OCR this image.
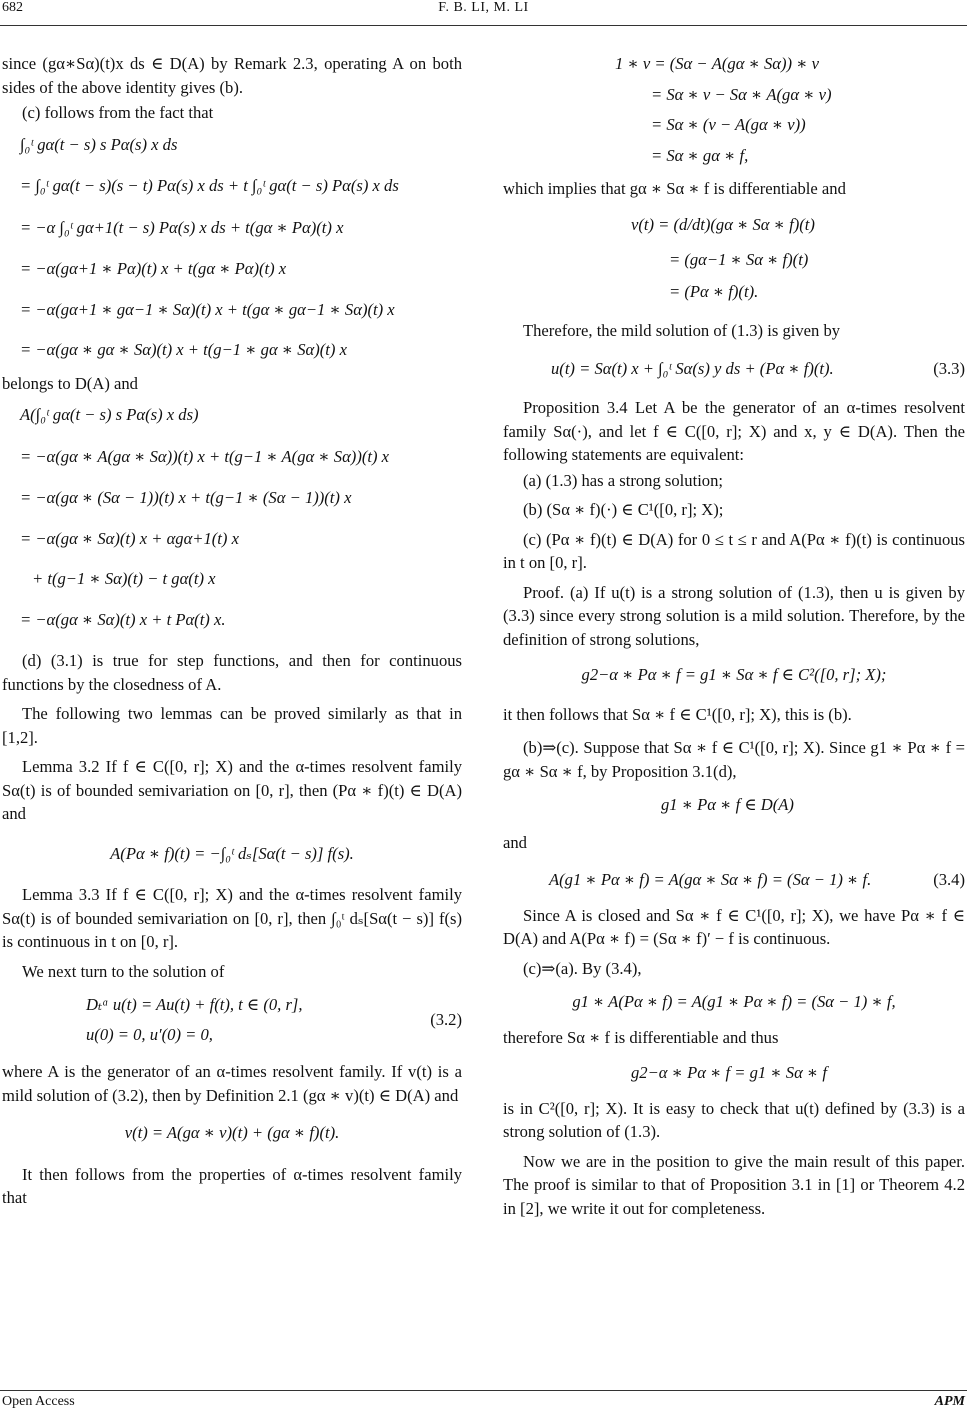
682	F. B. LI, M. LI

since (gα∗Sα)(t)x ds ∈ D(A) by Remark 2.3, operating A on both sides of the above identity gives (b).

(c) follows from the fact that

∫₀ᵗ gα(t − s) s Pα(s) x ds
= ∫₀ᵗ gα(t − s)(s − t) Pα(s) x ds + t ∫₀ᵗ gα(t − s) Pα(s) x ds
= −α ∫₀ᵗ gα+1(t − s) Pα(s) x ds + t(gα ∗ Pα)(t) x
= −α(gα+1 ∗ Pα)(t) x + t(gα ∗ Pα)(t) x
= −α(gα+1 ∗ gα−1 ∗ Sα)(t) x + t(gα ∗ gα−1 ∗ Sα)(t) x
= −α(gα ∗ gα ∗ Sα)(t) x + t(g−1 ∗ gα ∗ Sα)(t) x

belongs to D(A) and

A(∫₀ᵗ gα(t − s) s Pα(s) x ds)
= −α(gα ∗ A(gα ∗ Sα))(t) x + t(g−1 ∗ A(gα ∗ Sα))(t) x
= −α(gα ∗ (Sα − 1))(t) x + t(g−1 ∗ (Sα − 1))(t) x
= −α(gα ∗ Sα)(t) x + αgα+1(t) x
+ t(g−1 ∗ Sα)(t) − t gα(t) x
= −α(gα ∗ Sα)(t) x + t Pα(t) x.

(d) (3.1) is true for step functions, and then for continuous functions by the closedness of A.

The following two lemmas can be proved similarly as that in [1,2].

Lemma 3.2 If f ∈ C([0, r]; X) and the α-times resolvent family Sα(t) is of bounded semivariation on [0, r], then (Pα ∗ f)(t) ∈ D(A) and

A(Pα ∗ f)(t) = −∫₀ᵗ dₛ[Sα(t − s)] f(s).

Lemma 3.3 If f ∈ C([0, r]; X) and the α-times resolvent family Sα(t) is of bounded semivariation on [0, r], then ∫₀ᵗ dₛ[Sα(t − s)] f(s) is continuous in t on [0, r].

We next turn to the solution of

Dₜᵅ u(t) = Au(t) + f(t), t ∈ (0, r],
u(0) = 0, u′(0) = 0,
(3.2)

where A is the generator of an α-times resolvent family. If v(t) is a mild solution of (3.2), then by Definition 2.1 (gα ∗ v)(t) ∈ D(A) and

v(t) = A(gα ∗ v)(t) + (gα ∗ f)(t).

It then follows from the properties of α-times resolvent family that

1 ∗ v = (Sα − A(gα ∗ Sα)) ∗ v
= Sα ∗ v − Sα ∗ A(gα ∗ v)
= Sα ∗ (v − A(gα ∗ v))
= Sα ∗ gα ∗ f,

which implies that gα ∗ Sα ∗ f is differentiable and

v(t) = (d/dt)(gα ∗ Sα ∗ f)(t)
= (gα−1 ∗ Sα ∗ f)(t)
= (Pα ∗ f)(t).

Therefore, the mild solution of (1.3) is given by

u(t) = Sα(t) x + ∫₀ᵗ Sα(s) y ds + (Pα ∗ f)(t).	(3.3)

Proposition 3.4 Let A be the generator of an α-times resolvent family Sα(·), and let f ∈ C([0, r]; X) and x, y ∈ D(A). Then the following statements are equivalent:

(a) (1.3) has a strong solution;

(b) (Sα ∗ f)(·) ∈ C¹([0, r]; X);

(c) (Pα ∗ f)(t) ∈ D(A) for 0 ≤ t ≤ r and A(Pα ∗ f)(t) is continuous in t on [0, r].

Proof. (a) If u(t) is a strong solution of (1.3), then u is given by (3.3) since every strong solution is a mild solution. Therefore, by the definition of strong solutions,

g2−α ∗ Pα ∗ f = g1 ∗ Sα ∗ f ∈ C²([0, r]; X);

it then follows that Sα ∗ f ∈ C¹([0, r]; X), this is (b).

(b)⇒(c). Suppose that Sα ∗ f ∈ C¹([0, r]; X). Since g1 ∗ Pα ∗ f = gα ∗ Sα ∗ f, by Proposition 3.1(d),

g1 ∗ Pα ∗ f ∈ D(A)

and

A(g1 ∗ Pα ∗ f) = A(gα ∗ Sα ∗ f) = (Sα − 1) ∗ f.	(3.4)

Since A is closed and Sα ∗ f ∈ C¹([0, r]; X), we have Pα ∗ f ∈ D(A) and A(Pα ∗ f) = (Sα ∗ f)′ − f is continuous.

(c)⇒(a). By (3.4),

g1 ∗ A(Pα ∗ f) = A(g1 ∗ Pα ∗ f) = (Sα − 1) ∗ f,

therefore Sα ∗ f is differentiable and thus

g2−α ∗ Pα ∗ f = g1 ∗ Sα ∗ f

is in C²([0, r]; X). It is easy to check that u(t) defined by (3.3) is a strong solution of (1.3).

Now we are in the position to give the main result of this paper. The proof is similar to that of Proposition 3.1 in [1] or Theorem 4.2 in [2], we write it out for completeness.

Open Access	APM
